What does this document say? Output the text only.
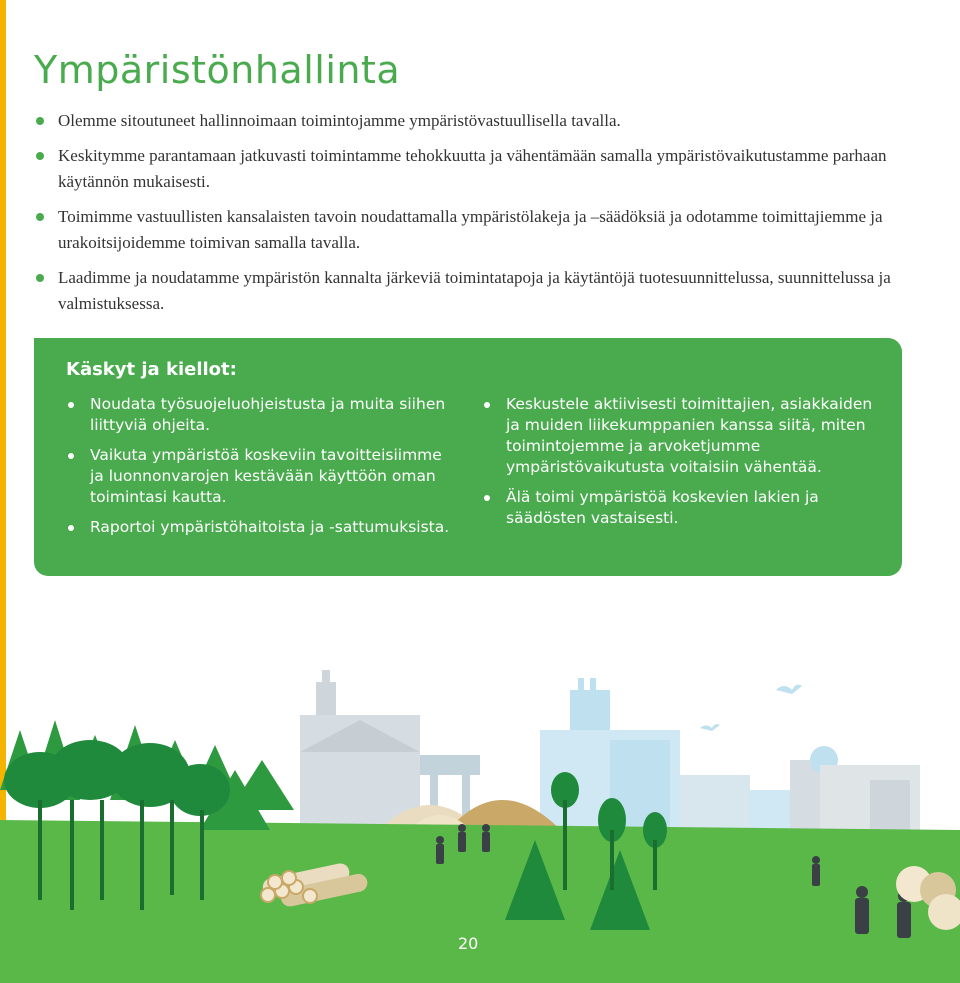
Ympäristönhallinta
Olemme sitoutuneet hallinnoimaan toimintojamme ympäristövastuullisella tavalla.
Keskitymme parantamaan jatkuvasti toimintamme tehokkuutta ja vähentämään samalla ympäristövaikutustamme parhaan käytännön mukaisesti.
Toimimme vastuullisten kansalaisten tavoin noudattamalla ympäristölakeja ja –säädöksiä ja odotamme toimittajiemme ja urakoitsijoidemme toimivan samalla tavalla.
Laadimme ja noudatamme ympäristön kannalta järkeviä toimintatapoja ja käytäntöjä tuotesuunnittelussa, suunnittelussa ja valmistuksessa.
Käskyt ja kiellot:
Noudata työsuojeluohjeistusta ja muita siihen liittyviä ohjeita.
Vaikuta ympäristöä koskeviin tavoitteisiimme ja luonnonvarojen kestävään käyttöön oman toimintasi kautta.
Raportoi ympäristöhaitoista ja -sattumuksista.
Keskustele aktiivisesti toimittajien, asiakkaiden ja muiden liikekumppanien kanssa siitä, miten toimintojemme ja arvoketjumme ympäristövaikutusta voitaisiin vähentää.
Älä toimi ympäristöä koskevien lakien ja säädösten vastaisesti.
20
